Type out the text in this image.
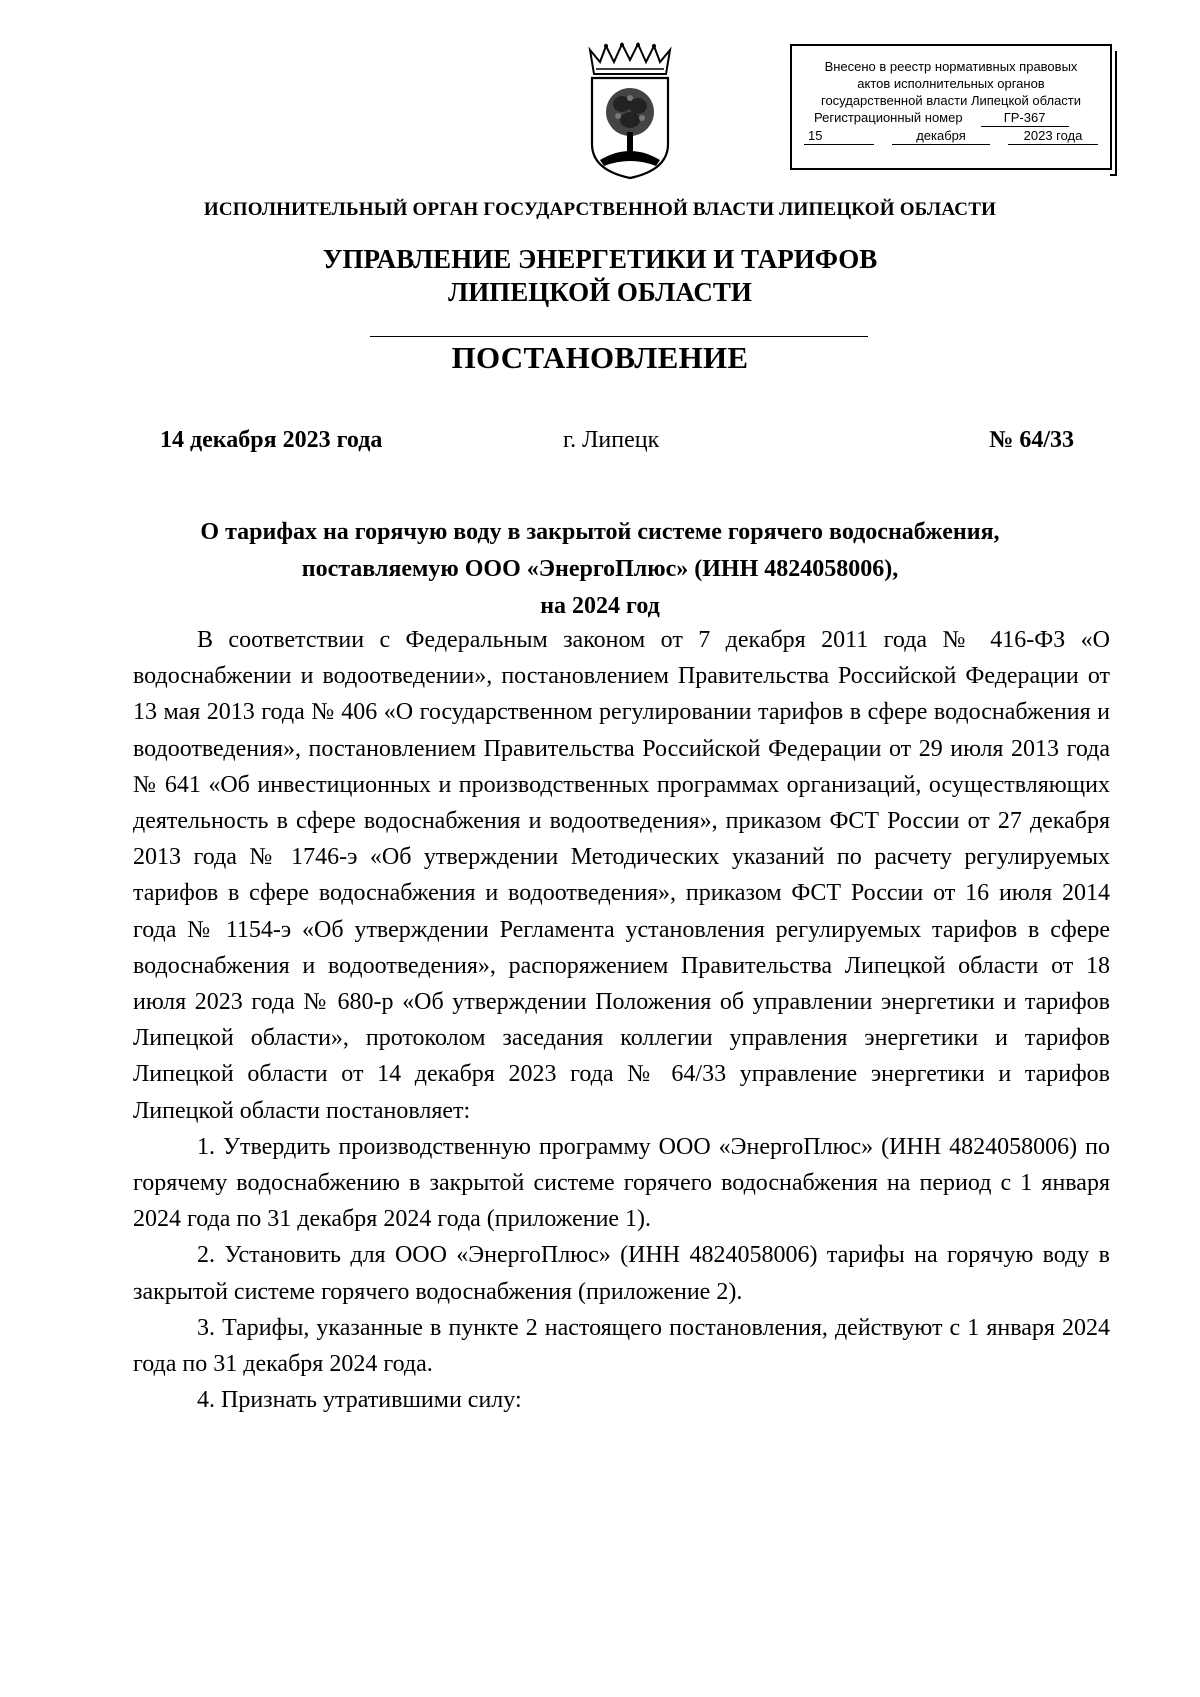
Внесено в реестр нормативных правовых
актов исполнительных органов
государственной власти Липецкой области
Регистрационный номер	ГР-367
15	декабря	2023 года
ИСПОЛНИТЕЛЬНЫЙ ОРГАН ГОСУДАРСТВЕННОЙ ВЛАСТИ ЛИПЕЦКОЙ ОБЛАСТИ
УПРАВЛЕНИЕ ЭНЕРГЕТИКИ И ТАРИФОВ
ЛИПЕЦКОЙ ОБЛАСТИ
ПОСТАНОВЛЕНИЕ
14 декабря 2023 года	г. Липецк	№ 64/33
О тарифах на горячую воду в закрытой системе горячего водоснабжения,
поставляемую ООО «ЭнергоПлюс» (ИНН 4824058006),
на 2024 год

В соответствии с Федеральным законом от 7 декабря 2011 года № 416-ФЗ «О водоснабжении и водоотведении», постановлением Правительства Российской Федерации от 13 мая 2013 года № 406 «О государственном регулировании тарифов в сфере водоснабжения и водоотведения», постановлением Правительства Российской Федерации от 29 июля 2013 года № 641 «Об инвестиционных и производственных программах организаций, осуществляющих деятельность в сфере водоснабжения и водоотведения», приказом ФСТ России от 27 декабря 2013 года № 1746-э «Об утверждении Методических указаний по расчету регулируемых тарифов в сфере водоснабжения и водоотведения», приказом ФСТ России от 16 июля 2014 года № 1154-э «Об утверждении Регламента установления регулируемых тарифов в сфере водоснабжения и водоотведения», распоряжением Правительства Липецкой области от 18 июля 2023 года № 680-р «Об утверждении Положения об управлении энергетики и тарифов Липецкой области», протоколом заседания коллегии управления энергетики и тарифов Липецкой области от 14 декабря 2023 года № 64/33 управление энергетики и тарифов Липецкой области постановляет:

1. Утвердить производственную программу ООО «ЭнергоПлюс» (ИНН 4824058006) по горячему водоснабжению в закрытой системе горячего водоснабжения на период с 1 января 2024 года по 31 декабря 2024 года (приложение 1).

2. Установить для ООО «ЭнергоПлюс» (ИНН 4824058006) тарифы на горячую воду в закрытой системе горячего водоснабжения (приложение 2).

3. Тарифы, указанные в пункте 2 настоящего постановления, действуют с 1 января 2024 года по 31 декабря 2024 года.

4. Признать утратившими силу:
